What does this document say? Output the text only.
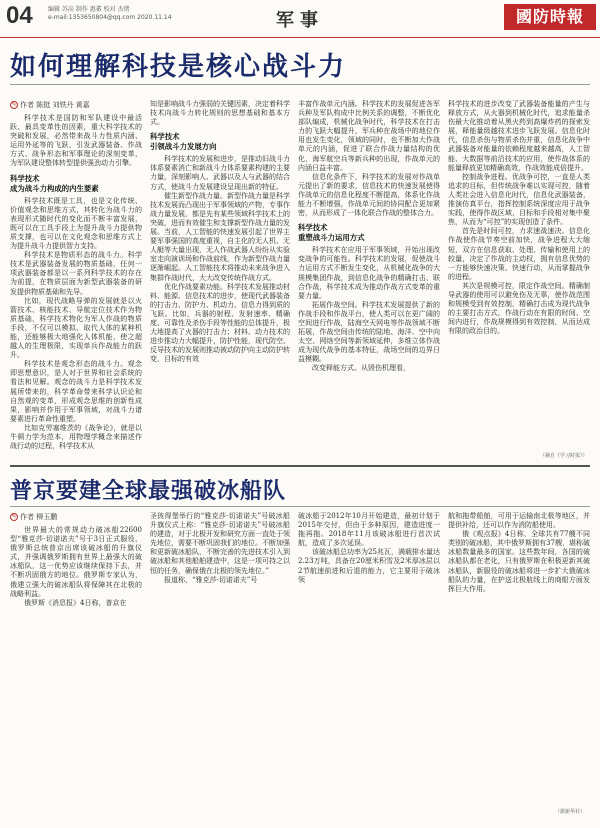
04	编辑 苏高 制作 惠蕃 校对 杰绪
e-mail:1353650804@qq.com 2020.11.14	军事	國防時報
如何理解科技是核心战斗力
✎ 作者 陈挺 刘铁丹 黄嘉

科学技术是国防和军队建设中最活跃、最具变革性的因素，重大科学技术的突破和发展，必然带来战斗力性质内涵、运用外延等的飞跃，引发武器装备、作战方式、战争形态和军事理论的深刻变革，为军队建设整体转型提供强劲动力引擎。

科学技术
成为战斗力构成的内生要素

科学技术既是工具，也是文化传统、价值观念和思维方式，其转化为战斗力的表现形式随时代的变化而不断丰富发展，既可以在工具手段上为提升战斗力提供物质支撑，也可以在文化观念和思维方式上为提升战斗力提供智力支持。

科学技术是物质形态的战斗力。科学技术是武器装备发展的物质基础，任何一项武器装备都是以一系列科学技术的存在为前提，在物质层面为新型武器装备的研发提供物质基础和先导。

比如，现代战略导弹的发展就是以火箭技术、核能技术、导航定位技术作为物质基础，科学技术物化为军人作战的物质手段，不仅可以模拟、取代人体的某种机能，还能够极大地强化人体机能，使之超越人的生理极限，实现单兵作战能力的跃升。

科学技术是观念形态的战斗力。观念即思想意识，是人对于世界和社会系统的看法和见解。观念的战斗力是科学技术发展所带来的，科学革命带来科学认识论和自然观的变革，形成观念思维的创新性成果，影响并作用于军事领域，对战斗力诸要素进行革命性重塑。

比如克劳塞维茨的《战争论》，就是以牛顿力学为范本，用物理学概念来描述作战行动的过程，科学技术从

知是影响战斗力强弱的关键因素，决定着科学技术向战斗力转化规则的思想基础和基本方式。

科学技术
引领战斗力发展方向

科学技术的发展和进步，是推动旧战斗力体系要素消亡和新战斗力体系要素构建的主要力量，深刻影响人、武器以及人与武器的结合方式，使战斗力发展建设呈现出新的特征。

催生新型作战力量。新型作战力量是科学技术发展而凸现出于军事领域的产物，专事作战力量发展，都是先有某些领域科学技术上的突破，进而有效催生和支撑新型作战力量的发展。当前，人工智能的快速发展引起了世界主要军事强国的高度重视，自主化的无人机、无人艇等大量出现，无人作战武器人纷纷从实验室走向演训场和作战前线，作为新型作战力量逐渐崛起。人工智能技术将推动未来战争进入集群作战时代，大大改变传统作战方式。

优化作战要素功能。科学技术发展推动材料、能源、信息技术的进步，使现代武器装备的打击力、防护力、机动力、信息力得到质的飞跃。比如，兵器的射程、发射速率、精确度、可靠性及杀伤手段等性能的总体提升，极大地提高了火器的打击力；材料、动力技术的进步推动力大幅提升，防护性能，现代防空、反导技术的发展则推动被动防护向主动防护转变，目标的有效

丰富作战单元内涵。科学技术的发展促进各军兵种及军队构成中比例关系的调整，不断优化部队编成，机械化战争时代，科学技术在打击力的飞跃大幅提升，军兵种在战场中的地位作用也发生变化，领域的同时，也不断加大作战单元的内涵，促进了联合作战力量结构的优化，海军航空兵等新兵种的出现，作战单元的内涵日益丰富。

信息化条件下，科学技术的发展对作战单元提出了新的要求，信息技术的快速发展使得作战单元的信息化程度不断提高，体系化作战能力不断增强，作战单元间的协同配合更加紧密，从而形成了一体化联合作战的整体合力。

科学技术
重塑战斗力运用方式

科学技术在应用于军事领域，开始出现改变战争的可能性。科学技术的发展，促使战斗力运用方式不断发生变化，从机械化战争的大规模集团作战，到信息化战争的精确打击、联合作战，科学技术成为推动作战方式变革的重要力量。

拓展作战空间。科学技术发展提供了新的作战手段和作战平台，使人类可以在更广阔的空间进行作战，陆海空天网电等作战领域不断拓展，作战空间由传统的陆地、海洋、空中向太空、网络空间等新领域延伸，多维立体作战成为现代战争的基本特征，战场空间的边界日益模糊。

改变释能方式。从毁伤机理看，

科学技术的进步改变了武器装备能量的产生与释放方式，从火器到机械化时代，追求能量杀伤最大化推动着从黑火药到高爆炸药的探索发展，释能量级越技术进步飞跃发展。信息化时代，信息杀伤与物质杀伤并重，信息化战争中武器装备对能量的依赖程度越来越高，人工智能、大数据等前沿技术的应用，使作战体系的能量释放更加精确高效，作战效能成倍提升。

控制战争进程。优战争可控，一直是人类追求的目标，但传统战争难以实现可控，随着人类社会进入信息化时代，信息化武器装备，推演仿真平台，指挥控制系统深度应用于战争实践，使得作战区域、目标和手段相对集中聚焦，从而为“可控”的实现创造了条件。

首先是时间可控，力求速战速决。信息化作战使作战节奏空前加快，战争进程大大缩短，双方在信息获取、处理、传输和使用上的较量，决定了作战的主动权，拥有信息优势的一方能够快速决策、快速行动，从而掌握战争的进程。

其次是规模可控，限定作战空间。精确制导武器的使用可以避免伤及无辜，使作战范围和规模受到有效控制，精确打击成为现代战争的主要打击方式，作战行动在有限的时间、空间内进行，作战规模得到有效控制，从而达成有限的政治目的。

（摘自《学习时报》）
普京要建全球最强破冰船队
✎ 作者 柳玉鹏

世界最大的常规动力破冰船22600型“雅克莎·切诺诺夫”号于3日正式服役，俄罗斯总统普京出席该破冰船的升旗仪式，并强调俄罗斯拥有世界上最强大的破冰船队，这一优势应该继续保持下去，并不断巩固俄方的地位。俄罗斯专家认为，俄建立强大的破冰船队将保障其在北极的战略利益。

俄罗斯《消息报》4日称，普京在

圣彼得堡举行的“雅克莎·切诺诺夫”号破冰船升旗仪式上称：“雅克莎·切诺诺夫”号破冰船的建造，对于北极开发和研究方面一直处于领先地位，需要不断巩固我们的地位。不断加强和更新破冰船队，不断完善的先进技术引入到破冰船和其他船舶建造中，这是一项可持之以恒的任务，确保俄在北极的领先地位。”

报道称，“雅克莎·切诺诺夫”号

破冰船于2012年10月开始建造，最初计划于2015年交付，但由于多种原因，建造进度一拖再拖。2018年11月该破冰船进行首次试航，造成了多次延误。

该破冰船总功率为25兆瓦，满载排水量达2.23万吨，具备在20厘米积雪及2米厚冰层以2节航速前进和后退的能力，它主要用于破冰领

航和拖带船舶，可用于运输南北极等地区，并提供补给，还可以作为消防船使用。

俄《观点报》4日称，全球共有77艘不同类别的破冰船，其中俄罗斯拥有37艘，堪称破冰船数量最多的国家。这些数年间，各国的破冰船队都在老化，只有俄罗斯在积极更新其破冰船队，新服役的破冰船将进一步扩大俄破冰船队的力量，在护送北极航线上的商船方面发挥巨大作用。

（据新华社）
